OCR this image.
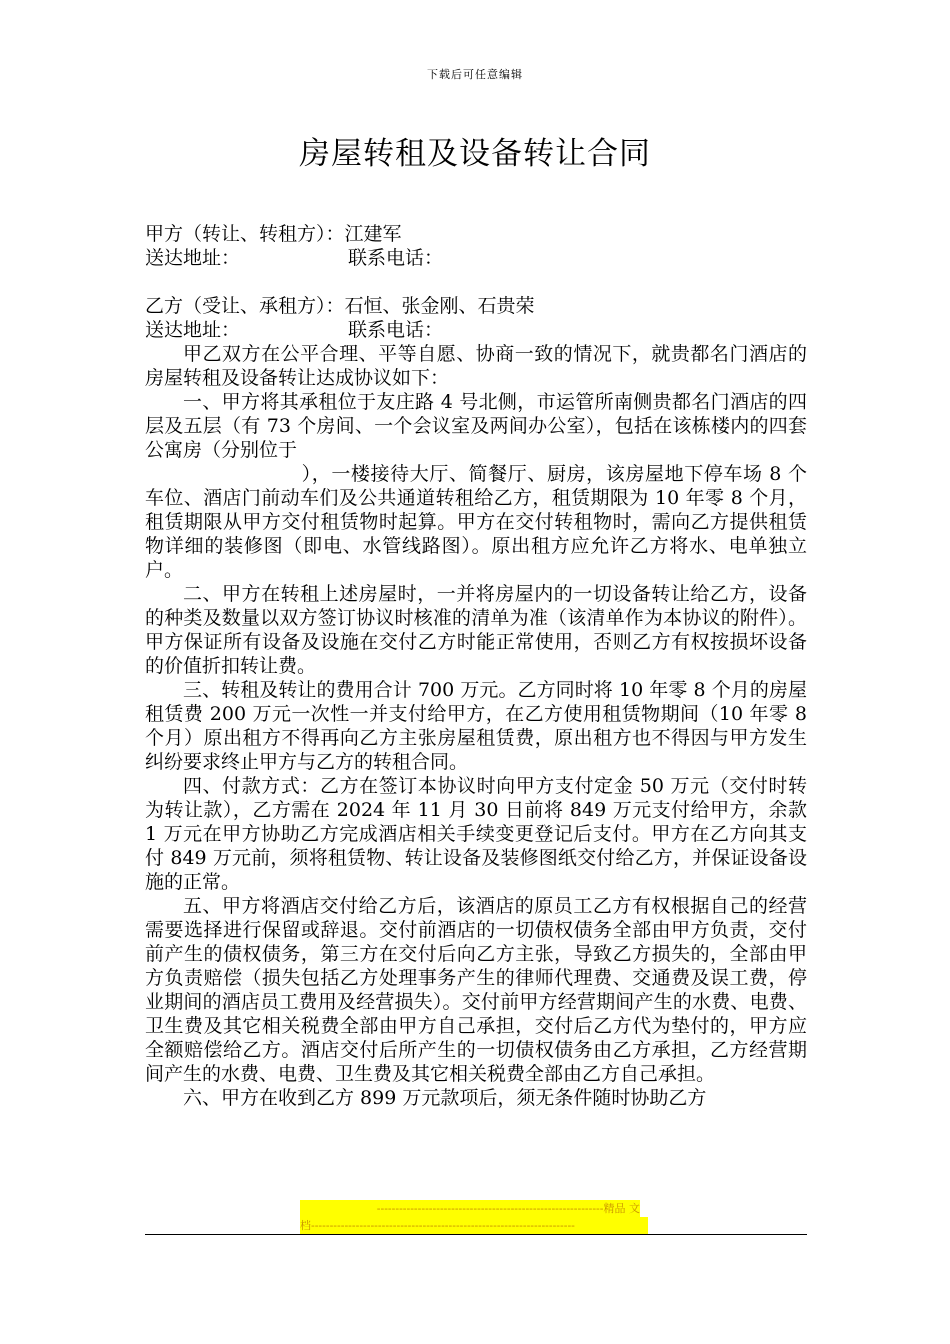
下载后可任意编辑
房屋转租及设备转让合同
甲方（转让、转租方）：江建军
送达地址：	联系电话：
乙方（受让、承租方）：石恒、张金刚、石贵荣
送达地址：	联系电话：

甲乙双方在公平合理、平等自愿、协商一致的情况下，就贵都名门酒店的房屋转租及设备转让达成协议如下：

一、甲方将其承租位于友庄路 4 号北侧，市运管所南侧贵都名门酒店的四层及五层（有 73 个房间、一个会议室及两间办公室），包括在该栋楼内的四套公寓房（分别位于

），一楼接待大厅、简餐厅、厨房，该房屋地下停车场 8 个车位、酒店门前动车们及公共通道转租给乙方，租赁期限为 10 年零 8 个月，租赁期限从甲方交付租赁物时起算。甲方在交付转租物时，需向乙方提供租赁物详细的装修图（即电、水管线路图）。原出租方应允许乙方将水、电单独立户。

二、甲方在转租上述房屋时，一并将房屋内的一切设备转让给乙方，设备的种类及数量以双方签订协议时核准的清单为准（该清单作为本协议的附件）。甲方保证所有设备及设施在交付乙方时能正常使用，否则乙方有权按损坏设备的价值折扣转让费。

三、转租及转让的费用合计 700 万元。乙方同时将 10 年零 8 个月的房屋租赁费 200 万元一次性一并支付给甲方，在乙方使用租赁物期间（10 年零 8 个月）原出租方不得再向乙方主张房屋租赁费，原出租方也不得因与甲方发生纠纷要求终止甲方与乙方的转租合同。

四、付款方式：乙方在签订本协议时向甲方支付定金 50 万元（交付时转为转让款），乙方需在 2024 年 11 月 30 日前将 849 万元支付给甲方，余款 1 万元在甲方协助乙方完成酒店相关手续变更登记后支付。甲方在乙方向其支付 849 万元前，须将租赁物、转让设备及装修图纸交付给乙方，并保证设备设施的正常。

五、甲方将酒店交付给乙方后，该酒店的原员工乙方有权根据自己的经营需要选择进行保留或辞退。交付前酒店的一切债权债务全部由甲方负责，交付前产生的债权债务，第三方在交付后向乙方主张，导致乙方损失的，全部由甲方负责赔偿（损失包括乙方处理事务产生的律师代理费、交通费及误工费，停业期间的酒店员工费用及经营损失）。交付前甲方经营期间产生的水费、电费、卫生费及其它相关税费全部由甲方自己承担，交付后乙方代为垫付的，甲方应全额赔偿给乙方。酒店交付后所产生的一切债权债务由乙方承担，乙方经营期间产生的水费、电费、卫生费及其它相关税费全部由乙方自己承担。

六、甲方在收到乙方 899 万元款项后，须无条件随时协助乙方

-------------------------------------------------------------精品 文
档-----------------------------------------------------------------------
